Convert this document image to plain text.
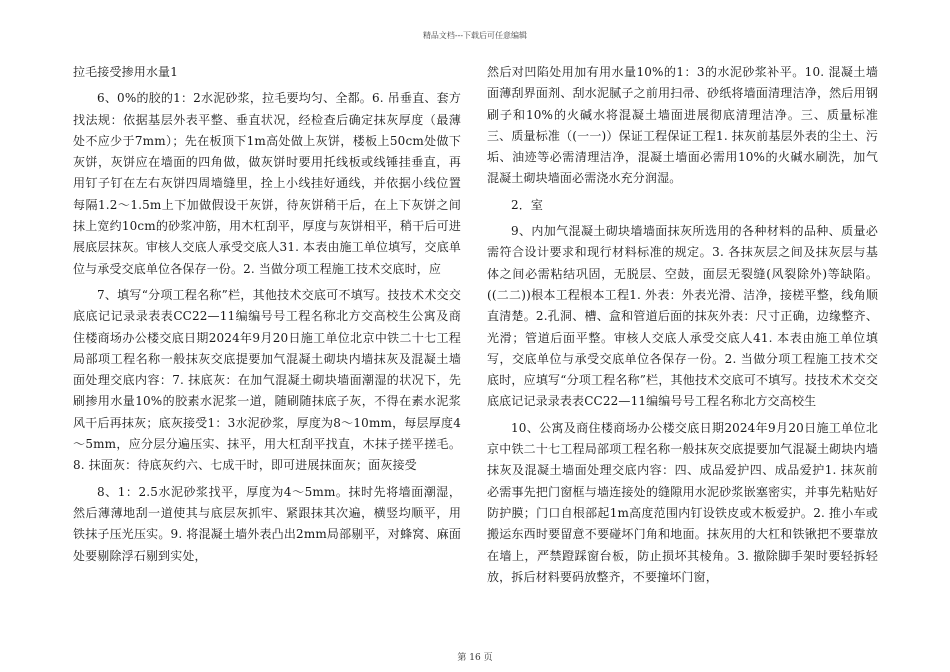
精品文档---下载后可任意编辑

拉毛接受掺用水量1

6、0%的胶的1：2水泥砂浆，拉毛要均匀、全都。6. 吊垂直、套方找法规：依据基层外表平整、垂直状况，经检查后确定抹灰厚度（最薄处不应少于7mm）；先在板顶下1m高处做上灰饼，楼板上50cm处做下灰饼，灰饼应在墙面的四角做，做灰饼时要用托线板或线锤挂垂直，再用钉子钉在左右灰饼四周墙缝里，拴上小线挂好通线，并依据小线位置每隔1.2～1.5m上下加做假设干灰饼，待灰饼稍干后，在上下灰饼之间抹上宽约10cm的砂浆冲筋，用木杠刮平，厚度与灰饼相平，稍干后可进展底层抹灰。审核人交底人承受交底人31. 本表由施工单位填写，交底单位与承受交底单位各保存一份。2. 当做分项工程施工技术交底时，应

7、填写“分项工程名称”栏，其他技术交底可不填写。技技术术交交底底记记录录表表CC22—11编编号号工程名称北方交高校生公寓及商住楼商场办公楼交底日期2024年9月20日施工单位北京中铁二十七工程局部项工程名称一般抹灰交底提要加气混凝土砌块内墙抹灰及混凝土墙面处理交底内容：7. 抹底灰：在加气混凝土砌块墙面潮湿的状况下，先刷掺用水量10%的胶素水泥浆一道，随刷随抹底子灰，不得在素水泥浆风干后再抹灰；底灰接受1：3水泥砂浆，厚度为8～10mm，每层厚度4～5mm，应分层分遍压实、抹平，用大杠刮平找直，木抹子搓平搓毛。8. 抹面灰：待底灰约六、七成干时，即可进展抹面灰；面灰接受

8、1：2.5水泥砂浆找平，厚度为4～5mm。抹时先将墙面潮湿，然后薄薄地刮一道使其与底层灰抓牢、紧跟抹其次遍，横竖均顺平，用铁抹子压光压实。9. 将混凝土墙外表凸出2mm局部剔平，对蜂窝、麻面处要剔除浮石剔到实处，

然后对凹陷处用加有用水量10%的1：3的水泥砂浆补平。10. 混凝土墙面薄刮界面剂、刮水泥腻子之前用扫帚、砂纸将墙面清理洁净，然后用钢刷子和10%的火碱水将混凝土墙面进展彻底清理洁净。三、质量标准三、质量标准（(一一)）保证工程保证工程1. 抹灰前基层外表的尘土、污垢、油迹等必需清理洁净，混凝土墙面必需用10%的火碱水刷洗，加气混凝土砌块墙面必需浇水充分润湿。

2．室

9、内加气混凝土砌块墙墙面抹灰所选用的各种材料的品种、质量必需符合设计要求和现行材料标准的规定。3. 各抹灰层之间及抹灰层与基体之间必需粘结巩固，无脱层、空鼓，面层无裂缝(风裂除外)等缺陷。((二二))根本工程根本工程1. 外表：外表光滑、洁净，接槎平整，线角顺直清楚。2.孔洞、槽、盒和管道后面的抹灰外表：尺寸正确，边缘整齐、光滑；管道后面平整。审核人交底人承受交底人41. 本表由施工单位填写，交底单位与承受交底单位各保存一份。2. 当做分项工程施工技术交底时，应填写“分项工程名称”栏，其他技术交底可不填写。技技术术交交底底记记录录表表CC22—11编编号号工程名称北方交高校生

10、公寓及商住楼商场办公楼交底日期2024年9月20日施工单位北京中铁二十七工程局部项工程名称一般抹灰交底提要加气混凝土砌块内墙抹灰及混凝土墙面处理交底内容：四、成品爱护四、成品爱护1. 抹灰前必需事先把门窗框与墙连接处的缝隙用水泥砂浆嵌塞密实，并事先粘贴好防护膜；门口自根部起1m高度范围内钉设铁皮或木板爱护。2. 推小车或搬运东西时要留意不要碰坏门角和地面。抹灰用的大杠和铁锹把不要靠放在墙上，严禁蹬踩窗台板，防止损坏其棱角。3. 撤除脚手架时要轻拆轻放，拆后材料要码放整齐，不要撞坏门窗，

第 16 页
